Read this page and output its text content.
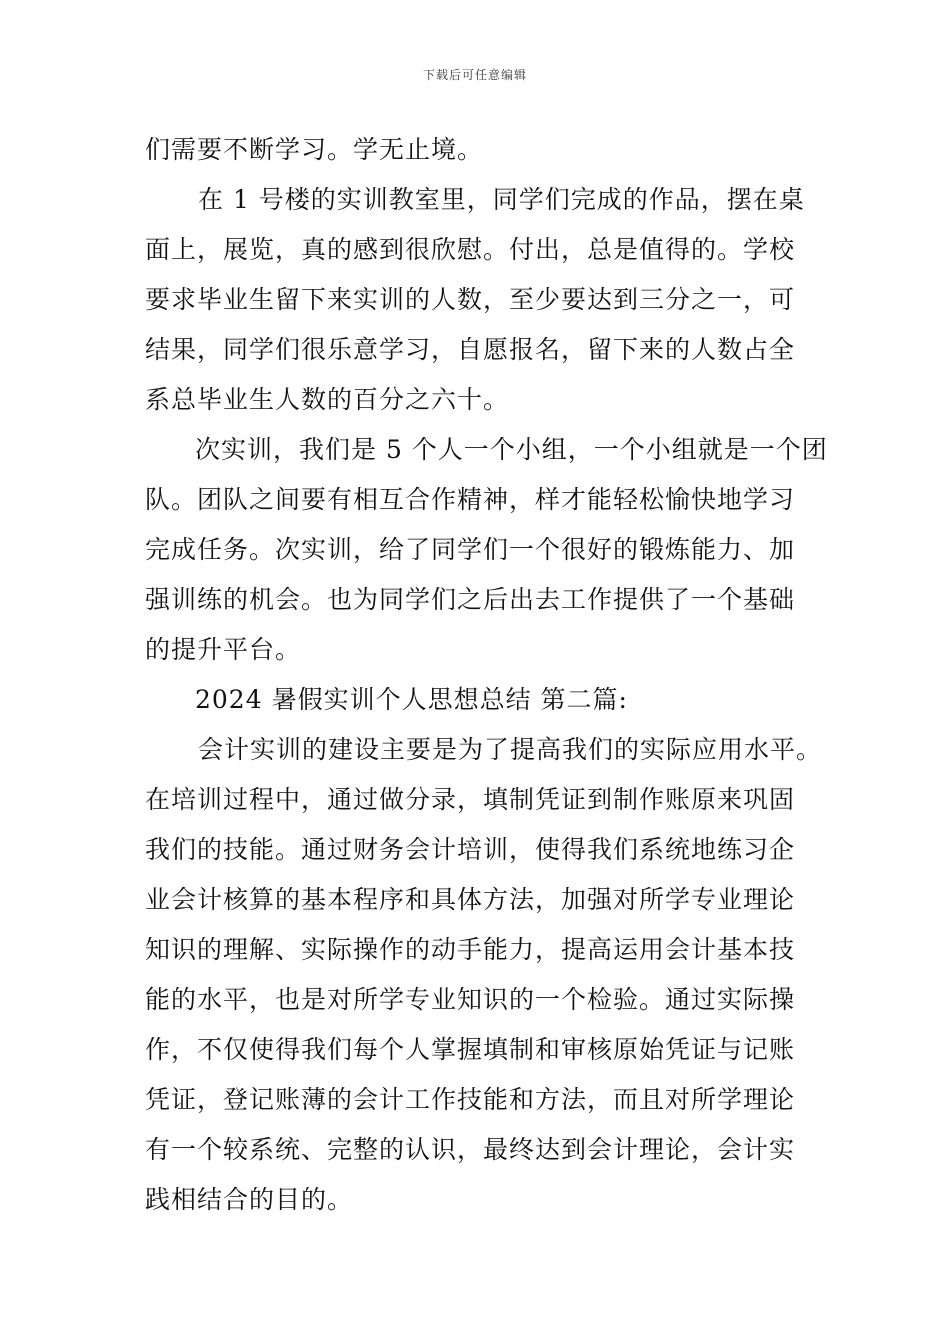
下载后可任意编辑
们需要不断学习。学无止境。
在 1 号楼的实训教室里，同学们完成的作品，摆在桌
面上，展览，真的感到很欣慰。付出，总是值得的。学校
要求毕业生留下来实训的人数，至少要达到三分之一，可
结果，同学们很乐意学习，自愿报名，留下来的人数占全
系总毕业生人数的百分之六十。
次实训，我们是 5 个人一个小组，一个小组就是一个团
队。团队之间要有相互合作精神，样才能轻松愉快地学习
完成任务。次实训，给了同学们一个很好的锻炼能力、加
强训练的机会。也为同学们之后出去工作提供了一个基础
的提升平台。
2024 暑假实训个人思想总结 第二篇:
会计实训的建设主要是为了提高我们的实际应用水平。
在培训过程中，通过做分录，填制凭证到制作账原来巩固
我们的技能。通过财务会计培训，使得我们系统地练习企
业会计核算的基本程序和具体方法，加强对所学专业理论
知识的理解、实际操作的动手能力，提高运用会计基本技
能的水平，也是对所学专业知识的一个检验。通过实际操
作，不仅使得我们每个人掌握填制和审核原始凭证与记账
凭证，登记账薄的会计工作技能和方法，而且对所学理论
有一个较系统、完整的认识，最终达到会计理论，会计实
践相结合的目的。
